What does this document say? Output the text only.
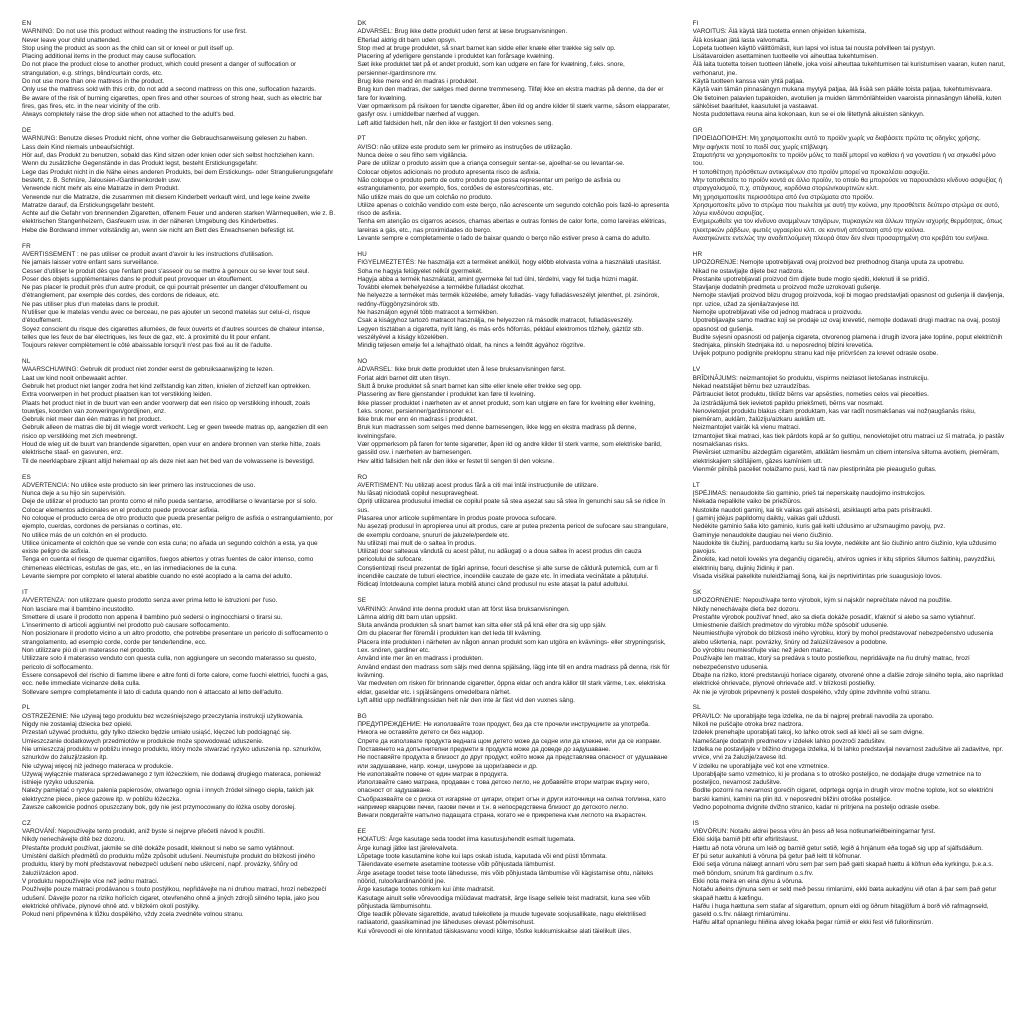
EN

WARNING: Do not use this product without reading the instructions for use first.

Never leave your child unattended.

Stop using the product as soon as the child can sit or kneel or pull itself up.

Placing additional items in the product may cause suffocation.

Do not place the product close to another product, which could present a danger of suffocation or strangulation, e.g. strings, blind/curtain cords, etc.

Do not use more than one mattress in the product.

Only use the mattress sold with this crib, do not add a second mattress on this one, suffocation hazards.

Be aware of the risk of burning cigarettes, open fires and other sources of strong heat, such as electric bar fires, gas fires, etc. in the near vicinity of the crib.

Always completely raise the drop side when not attached to the adult's bed.

DE

WARNUNG: Benutze dieses Produkt nicht, ohne vorher die Gebrauchsanweisung gelesen zu haben.

Lass dein Kind niemals unbeaufsichtigt.

Hör auf, das Produkt zu benutzen, sobald das Kind sitzen oder knien oder sich selbst hochziehen kann.

Wenn du zusätzliche Gegenstände in das Produkt legst, besteht Erstickungsgefahr.

Lege das Produkt nicht in die Nähe eines anderen Produkts, bei dem Erstickungs- oder Strangulierungsgefahr besteht, z. B. Schnüre, Jalousien-/Gardinenkordeln usw.

Verwende nicht mehr als eine Matratze in dem Produkt.

Verwende nur die Matratze, die zusammen mit diesem Kinderbett verkauft wird, und lege keine zweite Matratze darauf, da Erstickungsgefahr besteht.

Achte auf die Gefahr von brennenden Zigaretten, offenem Feuer und anderen starken Wärmequellen, wie z. B. elektrischen Stangenheizern, Gasfeuern usw. in der näheren Umgebung des Kinderbettes.

Hebe die Bordwand immer vollständig an, wenn sie nicht am Bett des Erwachsenen befestigt ist.

FR

AVERTISSEMENT : ne pas utiliser ce produit avant d'avoir lu les instructions d'utilisation.

Ne jamais laisser votre enfant sans surveillance.

Cesser d'utiliser le produit dès que l'enfant peut s'asseoir ou se mettre à genoux ou se lever tout seul.

Poser des objets supplémentaires dans le produit peut provoquer un étouffement.

Ne pas placer le produit près d'un autre produit, ce qui pourrait présenter un danger d'étouffement ou d'étranglement, par exemple des cordes, des cordons de rideaux, etc.

Ne pas utiliser plus d'un matelas dans le produit.

N'utiliser que le matelas vendu avec ce berceau, ne pas ajouter un second matelas sur celui-ci, risque d'étouffement.

Soyez conscient du risque des cigarettes allumées, de feux ouverts et d'autres sources de chaleur intense, telles que les feux de bar électriques, les feux de gaz, etc. à proximité du lit pour enfant.

Toujours relever complètement le côté abaissable lorsqu'il n'est pas fixé au lit de l'adulte.

NL

WAARSCHUWING: Gebruik dit product niet zonder eerst de gebruiksaanwijzing te lezen.

Laat uw kind nooit onbewaakt achter.

Gebruik het product niet langer zodra het kind zelfstandig kan zitten, knielen of zichzelf kan optrekken.

Extra voorwerpen in het product plaatsen kan tot verstikking leiden.

Plaats het product niet in de buurt van een ander voorwerp dat een risico op verstikking inhoudt, zoals touwtjes, koorden van zonweringen/gordijnen, enz.

Gebruik niet meer dan één matras in het product.

Gebruik alleen de matras die bij dit wiegje wordt verkocht. Leg er geen tweede matras op, aangezien dit een risico op verstikking met zich meebrengt.

Houd de wieg uit de buurt van brandende sigaretten, open vuur en andere bronnen van sterke hitte, zoals elektrische staaf- en gasvuren, enz.

Til de neerklapbare zijkant altijd helemaal op als deze niet aan het bed van de volwassene is bevestigd.

ES

ADVERTENCIA: No utilice este producto sin leer primero las instrucciones de uso.

Nunca deje a su hijo sin supervisión.

Deje de utilizar el producto tan pronto como el niño pueda sentarse, arrodillarse o levantarse por sí solo.

Colocar elementos adicionales en el producto puede provocar asfixia.

No coloque el producto cerca de otro producto que pueda presentar peligro de asfixia o estrangulamiento, por ejemplo, cuerdas, cordones de persianas o cortinas, etc.

No utilice más de un colchón en el producto.

Utilice únicamente el colchón que se vende con esta cuna; no añada un segundo colchón a esta, ya que existe peligro de asfixia.

Tenga en cuenta el riesgo de quemar cigarrillos, fuegos abiertos y otras fuentes de calor intenso, como chimeneas eléctricas, estufas de gas, etc., en las inmediaciones de la cuna.

Levante siempre por completo el lateral abatible cuando no esté acoplado a la cama del adulto.

IT

AVVERTENZA: non utilizzare questo prodotto senza aver prima letto le istruzioni per l'uso.

Non lasciare mai il bambino incustodito.

Smettere di usare il prodotto non appena il bambino può sedersi o inginocchiarsi o tirarsi su.

L'inserimento di articoli aggiuntivi nel prodotto può causare soffocamento.

Non posizionare il prodotto vicino a un altro prodotto, che potrebbe presentare un pericolo di soffocamento o strangolamento, ad esempio corde, corde per tende/tendine, ecc.

Non utilizzare più di un materasso nel prodotto.

Utilizzare solo il materasso venduto con questa culla, non aggiungere un secondo materasso su questo, pericolo di soffocamento.

Essere consapevoli del rischio di fiamme libere e altre fonti di forte calore, come fuochi elettrici, fuochi a gas, ecc. nelle immediate vicinanze della culla.

Sollevare sempre completamente il lato di caduta quando non è attaccato al letto dell'adulto.

PL

OSTRZEŻENIE: Nie używaj tego produktu bez wcześniejszego przeczytania instrukcji użytkowania.

Nigdy nie zostawiaj dziecka bez opieki.

Przestań używać produktu, gdy tylko dziecko będzie umiało usiąść, klęczeć lub podciągnąć się.

Umieszczanie dodatkowych przedmiotów w produkcie może spowodować uduszenie.

Nie umieszczaj produktu w pobliżu innego produktu, który może stwarzać ryzyko uduszenia np. sznurków, sznurków do żaluzji/zasłon itp.

Nie używaj więcej niż jednego materaca w produkcie.

Używaj wyłącznie materaca sprzedawanego z tym łóżeczkiem, nie dodawaj drugiego materaca, ponieważ istnieje ryzyko uduszenia.

Należy pamiętać o ryzyku palenia papierosów, otwartego ognia i innych źródeł silnego ciepła, takich jak elektryczne piece, piece gazowe itp. w pobliżu łóżeczka.

Zawsze całkowicie podnoś opuszczany bok, gdy nie jest przymocowany do łóżka osoby dorosłej.

CZ

VAROVÁNÍ: Nepoužívejte tento produkt, aniž byste si nejprve přečetli návod k použití.

Nikdy nenechávejte dítě bez dozoru.

Přestaňte produkt používat, jakmile se dítě dokáže posadit, kleknout si nebo se samo vytáhnout.

Umístění dalších předmětů do produktu může způsobit udušení. Neumisťujte produkt do blízkosti jiného produktu, který by mohl představovat nebezpečí udušení nebo uškrcení, např. provázky, šňůry od žaluzií/záclon apod.

V produktu nepoužívejte více než jednu matraci.

Používejte pouze matraci prodávanou s touto postýlkou, nepřidávejte na ni druhou matraci, hrozí nebezpečí udušení. Dávejte pozor na riziko hořících cigaret, otevřeného ohně a jiných zdrojů silného tepla, jako jsou elektrické ohřívače, plynové ohně atd. v blízkém okolí postýlky.

Pokud není připevněna k lůžku dospělého, vždy zcela zvedněte volnou stranu.

DK

ADVARSEL: Brug ikke dette produkt uden først at læse brugsanvisningen.

Efterlad aldrig dit barn uden opsyn.

Stop med at bruge produktet, så snart barnet kan sidde eller knæle eller trække sig selv op.

Placering af yderligere genstande i produktet kan forårsage kvælning.

Sæt ikke produktet tæt på et andet produkt, som kan udgøre en fare for kvælning, f.eks. snore, persienner-/gardinsnore mv.

Brug ikke mere end én madras i produktet.

Brug kun den madras, der sælges med denne tremmeseng. Tilføj ikke en ekstra madras på denne, da der er fare for kvælning.

Vær opmærksom på risikoen for tændte cigaretter, åben ild og andre kilder til stærk varme, såsom elapparater, gasfyr osv. i umiddelbar nærhed af vuggen.

Løft altid faldsiden helt, når den ikke er fastgjort til den voksnes seng.

PT

AVISO: não utilize este produto sem ler primeiro as instruções de utilização.

Nunca deixe o seu filho sem vigilância.

Pare de utilizar o produto assim que a criança conseguir sentar-se, ajoelhar-se ou levantar-se.

Colocar objetos adicionais no produto apresenta risco de asfixia.

Não coloque o produto perto de outro produto que possa representar um perigo de asfixia ou estrangulamento, por exemplo, fios, cordões de estores/cortinas, etc.

Não utilize mais do que um colchão no produto.

Utilize apenas o colchão vendido com este berço, não acrescente um segundo colchão pois fazê-lo apresenta risco de asfixia.

Tenha em atenção os cigarros acesos, chamas abertas e outras fontes de calor forte, como lareiras elétricas, lareiras a gás, etc., nas proximidades do berço.

Levante sempre e completamente o lado de baixar quando o berço não estiver preso à cama do adulto.

HU

FIGYELMEZTETÉS: Ne használja ezt a terméket anélkül, hogy előbb elolvasta volna a használati utasítást.

Soha ne hagyja felügyelet nélkül gyermekét.

Hagyja abba a termék használatát, amint gyermeke fel tud ülni, térdelni, vagy fel tudja húzni magát.

További elemek behelyezése a termékbe fulladást okozhat.

Ne helyezze a terméket más termék közelébe, amely fulladás- vagy fulladásveszélyt jelenthet, pl. zsinórok, redőny-/függönyzsinórok stb.

Ne használjon egynél több matracot a termékben.

Csak a kiságyhoz tartozó matracot használja, ne helyezzen rá második matracot, fulladásveszély.

Legyen tisztában a cigaretta, nyílt láng, és más erős hőforrás, például elektromos tűzhely, gáztűz stb. veszélyével a kiságy közelében.

Mindig teljesen emelje fel a lehajtható oldalt, ha nincs a felnőtt ágyához rögzítve.

NO

ADVARSEL: Ikke bruk dette produktet uten å lese bruksanvisningen først.

Forlat aldri barnet ditt uten tilsyn.

Slutt å bruke produktet så snart barnet kan sitte eller knele eller trekke seg opp.

Plassering av flere gjenstander i produktet kan føre til kvelning.

Ikke plasser produktet i nærheten av et annet produkt, som kan utgjøre en fare for kvelning eller kvelning, f.eks. snorer, persienner/gardinsnorer e.l.

Ikke bruk mer enn én madrass i produktet.

Bruk kun madrassen som selges med denne barnesengen, ikke legg en ekstra madrass på denne, kvelningsfare.

Vær oppmerksom på faren for tente sigaretter, åpen ild og andre kilder til sterk varme, som elektriske barild, gassild osv. i nærheten av barnesengen.

Hev alltid fallsiden helt når den ikke er festet til sengen til den voksne.

RO

AVERTISMENT: Nu utilizați acest produs fără a citi mai întâi instrucțiunile de utilizare.

Nu lăsați niciodată copilul nesupravegheat.

Opriți utilizarea produsului imediat ce copilul poate să stea așezat sau să stea în genunchi sau să se ridice în sus.

Plasarea unor articole suplimentare în produs poate provoca sufocare.

Nu așezați produsul în apropierea unui alt produs, care ar putea prezenta pericol de sufocare sau strangulare, de exemplu cordoane, șnururi de jaluzele/perdele etc.

Nu utilizați mai mult de o saltea în produs.

Utilizați doar salteaua vândută cu acest pătuț, nu adăugați o a doua saltea în acest produs din cauza pericolului de sufocare.

Conștientizați riscul prezentat de țigări aprinse, focuri deschise și alte surse de căldură puternică, cum ar fi incendiile cauzate de tuburi electrice, incendiile cauzate de gaze etc. în imediata vecinătate a pătuțului.

Ridicați întotdeauna complet latura mobilă atunci când produsul nu este atașat la patul adultului.

SE

VARNING: Använd inte denna produkt utan att först läsa bruksanvisningen.

Lämna aldrig ditt barn utan uppsikt.

Sluta använda produkten så snart barnet kan sitta eller stå på knä eller dra sig upp själv.

Om du placerar fler föremål i produkten kan det leda till kvävning.

Placera inte produkten i närheten av någon annan produkt som kan utgöra en kvävnings- eller strypningsrisk, t.ex. snören, gardiner etc.

Använd inte mer än en madrass i produkten.

Använd endast den madrass som säljs med denna spjälsäng, lägg inte till en andra madrass på denna, risk för kvävning.

Var medveten om risken för brinnande cigaretter, öppna eldar och andra källor till stark värme, t.ex. elektriska eldar, gaseldar etc. i spjälsängens omedelbara närhet.

Lyft alltid upp nedfällningssidan helt när den inte är fäst vid den vuxnes säng.

BG

ПРЕДУПРЕЖДЕНИЕ: Не използвайте този продукт, без да сте прочели инструкциите за употреба.

Никога не оставяйте детето си без надзор.

Спрете да използвате продукта веднага щом детето може да седне или да клекне, или да се изправи.

Поставянето на допълнителни предмети в продукта може да доведе до задушаване.

Не поставяйте продукта в близост до друг продукт, който може да представлява опасност от удушаване или задушаване, напр. конци, шнурове за щори/завеси и др.

Не използвайте повече от един матрак в продукта.

Използвайте само матрака, продаван с това детско легло, не добавяйте втори матрак върху него, опасност от задушаване.

Съобразявайте се с риска от изгаряне от цигари, открит огън и други източници на силна топлина, като например кварцови печки, газови печки и т.н. в непосредствена близост до детското легло.

Винаги повдигайте напълно падащата страна, когато не е прикрепена към леглото на възрастен.

EE

HOIATUS: Ärge kasutage seda toodet ilma kasutusjuhendit esmalt lugemata.

Ärge kunagi jätke last järelevalveta.

Lõpetage toote kasutamine kohe kui laps oskab istuda, kaputada või end püsti tõmmata.

Täiendavate esemete asetamine tootesse võib põhjustada lämbumist.

Ärge asetage toodet teise toote lähedusse, mis võib põhjustada lämbumise või kägistamise ohtu, näiteks nöörid, ruloo/kardinanöörid jne.

Ärge kasutage tootes rohkem kui ühte madratsit.

Kasutage ainult selle võrevoodiga müüdavat madratsit, ärge lisage sellele teist madratsit, kuna see võib põhjustada lämbumisohtu.

Olge teadlik põlevate sigarettide, avatud tulekollete ja muude tugevate soojusallikate, nagu elektrilised radiaatorid, gaasikaminad jne läheduses olevast põlemisohust.

Kui võrevoodi ei ole kinnitatud täiskasvanu voodi külge, tõstke kukkumiskaitse alati täielikult üles.

FI

VAROITUS: Älä käytä tätä tuotetta ennen ohjeiden lukemista.

Älä koskaan jätä lasta valvomatta.

Lopeta tuotteen käyttö välittömästi, kun lapsi voi istua tai nousta polvilleen tai pystyyn.

Lisätavaroiden asettaminen tuotteelle voi aiheuttaa tukehtumisen.

Älä laita tuotetta toisen tuotteen lähelle, joka voisi aiheuttaa tukehtumisen tai kuristumisen vaaran, kuten narut, verhonarut, jne.

Käytä tuotteen kanssa vain yhtä patjaa.

Käytä vain tämän pinnasängyn mukana myytyä patjaa, älä lisää sen päälle toista patjaa, tukehtumisvaara.

Ole tietoinen palavien tupakoiden, avotulien ja muiden lämmönlähteiden vaaroista pinnasängyn lähellä, kuten sähköiset baaritulet, kaasutulet ja vastaavat.

Nosta pudotettava reuna aina kokonaan, kun se ei ole liitettynä aikuisten sänkyyn.

GR

ΠΡΟΕΙΔΟΠΟΙΗΣΗ: Μη χρησιμοποιείτε αυτό το προϊόν χωρίς να διαβάσετε πρώτα τις οδηγίες χρήσης.

Μην αφήνετε ποτέ το παιδί σας χωρίς επίβλεψη.

Σταματήστε να χρησιμοποιείτε το προϊόν μόλις το παιδί μπορεί να καθίσει ή να γονατίσει ή να σηκωθεί μόνο του.

Η τοποθέτηση πρόσθετων αντικειμένων στο προϊόν μπορεί να προκαλέσει ασφυξία.

Μην τοποθετείτε το προϊόν κοντά σε άλλο προϊόν, το οποίο θα μπορούσε να παρουσιάσει κίνδυνο ασφυξίας ή στραγγαλισμού, π.χ. σπάγκους, κορδόνια στορών/κουρτινών κλπ.

Μη χρησιμοποιείτε περισσότερα από ένα στρώματα στο προϊόν.

Χρησιμοποιείτε μόνο το στρώμα που πωλείται με αυτή την κούνια, μην προσθέτετε δεύτερο στρώμα σε αυτό, λόγω κινδύνου ασφυξίας.

Ενημερωθείτε για τον κίνδυνο αναμμένων τσιγάρων, πυρκαγιών και άλλων πηγών ισχυρής θερμότητας, όπως ηλεκτρικών ράβδων, φωτιές υγραερίου κλπ. σε κοντινή απόσταση από την κούνια.

Ανασηκώνετε εντελώς την αναδιπλούμενη πλευρά όταν δεν είναι προσαρτημένη στο κρεβάτι του ενήλικα.

HR

UPOZORENJE: Nemojte upotrebljavati ovaj proizvod bez prethodnog čitanja uputa za upotrebu.

Nikad ne ostavljajte dijete bez nadzora.

Prestanite upotrebljavati proizvod čim dijete bude moglo sjediti, kleknuti ili se pridići.

Stavljanje dodatnih predmeta u proizvod može uzrokovati gušenje.

Nemojte stavljati proizvod blizu drugog proizvoda, koji bi mogao predstavljati opasnost od gušenja ili davljenja, npr. uzice, užad za sjenila/zavjese itd.

Nemojte upotrebljavati više od jednog madraca u proizvodu.

Upotrebljavajte samo madrac koji se prodaje uz ovaj krevetić, nemojte dodavati drugi madrac na ovaj, postoji opasnost od gušenja.

Budite svjesni opasnosti od paljenja cigareta, otvorenog plamena i drugih izvora jake topline, poput električnih štednjaka, plinskih štednjaka itd. u neposrednoj blizini krevetića.

Uvijek potpuno podignite preklopnu stranu kad nije pričvršćen za krevet odrasle osobe.

LV

BRĪDINĀJUMS: neizmantojiet šo produktu, vispirms neizlasot lietošanas instrukciju.

Nekad neatstājiet bērnu bez uzraudzības.

Pārtrauciet lietot produktu, tiklīdz bērns var apsēsties, nometies celos vai piecelties.

Ja izstrādājumā tiek ievietoti papildu priekšmeti, bērns var nosmakt.

Nenovietojiet produktu blakus citam produktam, kas var radīt nosmakšanas vai nožņaugšanās risku, piemēram, auklām, žalūziju/aizkaru auklām utt.

Neizmantojiet vairāk kā vienu matraci.

Izmantojiet tikai matraci, kas tiek pārdots kopā ar šo gultiņu, nenovietojiet otru matraci uz šī matrača, jo pastāv nosmakšanas risks.

Pievērsiet uzmanību aizdegtām cigaretēm, atklātām liesmām un citiem intensīva siltuma avotiem, piemēram, elektriskajiem sildītājiem, gāzes kamīniem utt.

Vienmēr pilnībā paceliet nolaižamo pusi, kad tā nav piestiprināta pie pieaugušo gultas.

LT

ĮSPĖJIMAS: nenaudokite šio gaminio, prieš tai neperskaitę naudojimo instrukcijos.

Niekada nepalikite vaiko be priežiūros.

Nustokite naudoti gaminį, kai tik vaikas gali atsisėsti, atsiklaupti arba pats prisitraukti.

Į gaminį įdėjus papildomų daiktų, vaikas gali uždusti.

Nedėkite gaminio šalia kito gaminio, kuris gali kelti uždusimo ar užsmaugimo pavojų, pvz.

Gaminyje nenaudokite daugiau nei vieno čiužinio.

Naudokite tik čiužinį, parduodamą kartu su šia lovyte, nedėkite ant šio čiužinio antro čiužinio, kyla uždusimo pavojus.

Žinokite, kad netoli lovelės yra degančių cigarečių, atviros ugnies ir kitų stiprios šilumos šaltinių, pavyzdžiui, elektrinių barų, dujinių židinių ir pan.

Visada visiškai pakelkite nuleidžiamąjį šoną, kai jis neprtivirtintas prie suaugusiojo lovos.

SK

UPOZORNENIE: Nepoužívajte tento výrobok, kým si najskôr neprečítate návod na použitie.

Nikdy nenechávajte dieťa bez dozoru.

Prestaňte výrobok používať hneď, ako sa dieťa dokáže posadiť, kľaknúť si alebo sa samo vytiahnuť.

Umiestnenie ďalších predmetov do výrobku môže spôsobiť udusenie.

Neumiestňujte výrobok do blízkosti iného výrobku, ktorý by mohol predstavovať nebezpečenstvo udusenia alebo uškrtenia, napr. povrázky, šnúry od žalúzií/závesov a podobne.

Do výrobku neumiestňujte viac než jeden matrac.

Používajte len matrac, ktorý sa predáva s touto postieľkou, nepridávajte na ňu druhý matrac, hrozí nebezpečenstvo udusenia.

Dbajte na riziko, ktoré predstavujú horiace cigarety, otvorené ohne a ďalšie zdroje silného tepla, ako napríklad elektrické ohrievače, plynové ohrievače atď. v blízkosti postieľky.

Ak nie je výrobok pripevnený k posteli dospelého, vždy úplne zdvihnite voľnú stranu.

SL

PRAVILO: Ne uporabljajte tega izdelka, ne da bi najprej prebrali navodila za uporabo.

Nikoli ne puščajte otroka brez nadzora.

Izdelek prenehajte uporabljati takoj, ko lahko otrok sedi ali kleči ali se sam dvigne.

Nameščanje dodatnih predmetov v izdelek lahko povzroči zadušitev.

Izdelka ne postavljajte v bližino drugega izdelka, ki bi lahko predstavljal nevarnost zadušitve ali zadavitve, npr. vrvice, vrvi za žaluzije/zavese itd.

V izdelku ne uporabljajte več kot ene vzmetnice.

Uporabljajte samo vzmetnico, ki je prodana s to otroško posteljico, ne dodajajte druge vzmetnice na to posteljico, nevarnost zadušitve.

Bodite pozorni na nevarnost gorečih cigaret, odprtega ognja in drugih virov močne toplote, kot so električni barski kamini, kamini na plin itd. v neposredni bližini otroške posteljice.

Vedno popolnoma dvignite dvižno stranico, kadar ni pritrjena na posteljo odrasle osebe.

IS

VIÐVÖRUN: Notaðu aldrei þessa vöru án þess að lesa notkunarleiðbeiningarnar fyrst.

Ekki skilja barnið þitt eftir eftirlitslaust.

Hættu að nota vöruna um leið og barnið getur setið, legið á hnjánum eða togað sig upp af sjálfsdáðum.

Ef þú setur aukahluti á vöruna þá getur það leitt til köfnunar.

Ekki setja vöruna nálægt annarri vöru sem þar sem það gæti skapað hættu á köfnun eða kyrkingu, þ.e.a.s. með böndum, snúrum frá gardínum o.s.frv.

Ekki nota meira en eina dýnu á vöruna.

Notaðu aðeins dýnuna sem er seld með þessu rimlarúmi, ekki bæta aukadýnu við ofan á þar sem það getur skapað hættu á kæfingu.

Hafðu í huga hættuna sem stafar af sígarettum, opnum eldi og öðrum hitagjöfum á borð við rafmagnseld, gaseld o.s.frv. nálægt rimlarúminu.

Hafðu alltaf opnanlegu hliðina alveg lokaða þegar rúmið er ekki fest við fullorðinsrúm.
